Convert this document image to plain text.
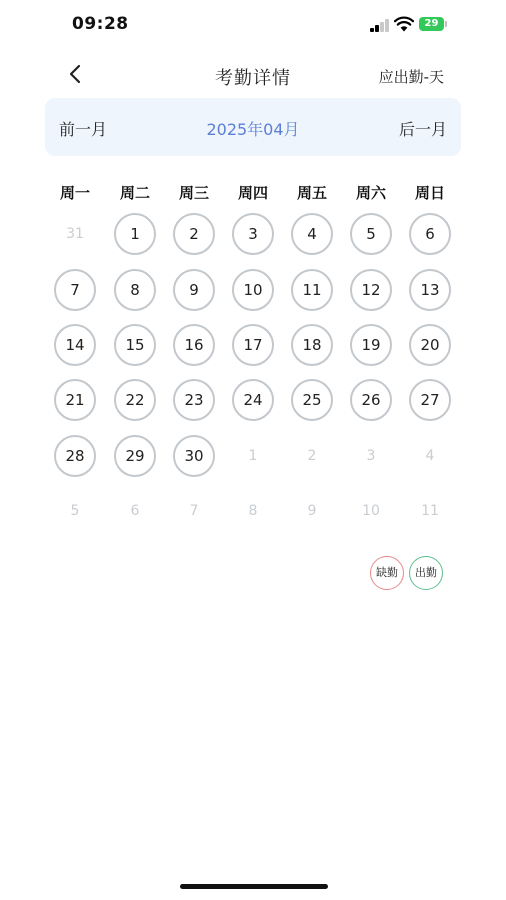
09:28	29
考勤详情	应出勤-天
前一月	2025年04月	后一月
周一	周二	周三	周四	周五	周六	周日
31	1	2	3	4	5	6
7	8	9	10	11	12	13
14	15	16	17	18	19	20
21	22	23	24	25	26	27
28	29	30	1	2	3	4
5	6	7	8	9	10	11
缺勤	出勤
